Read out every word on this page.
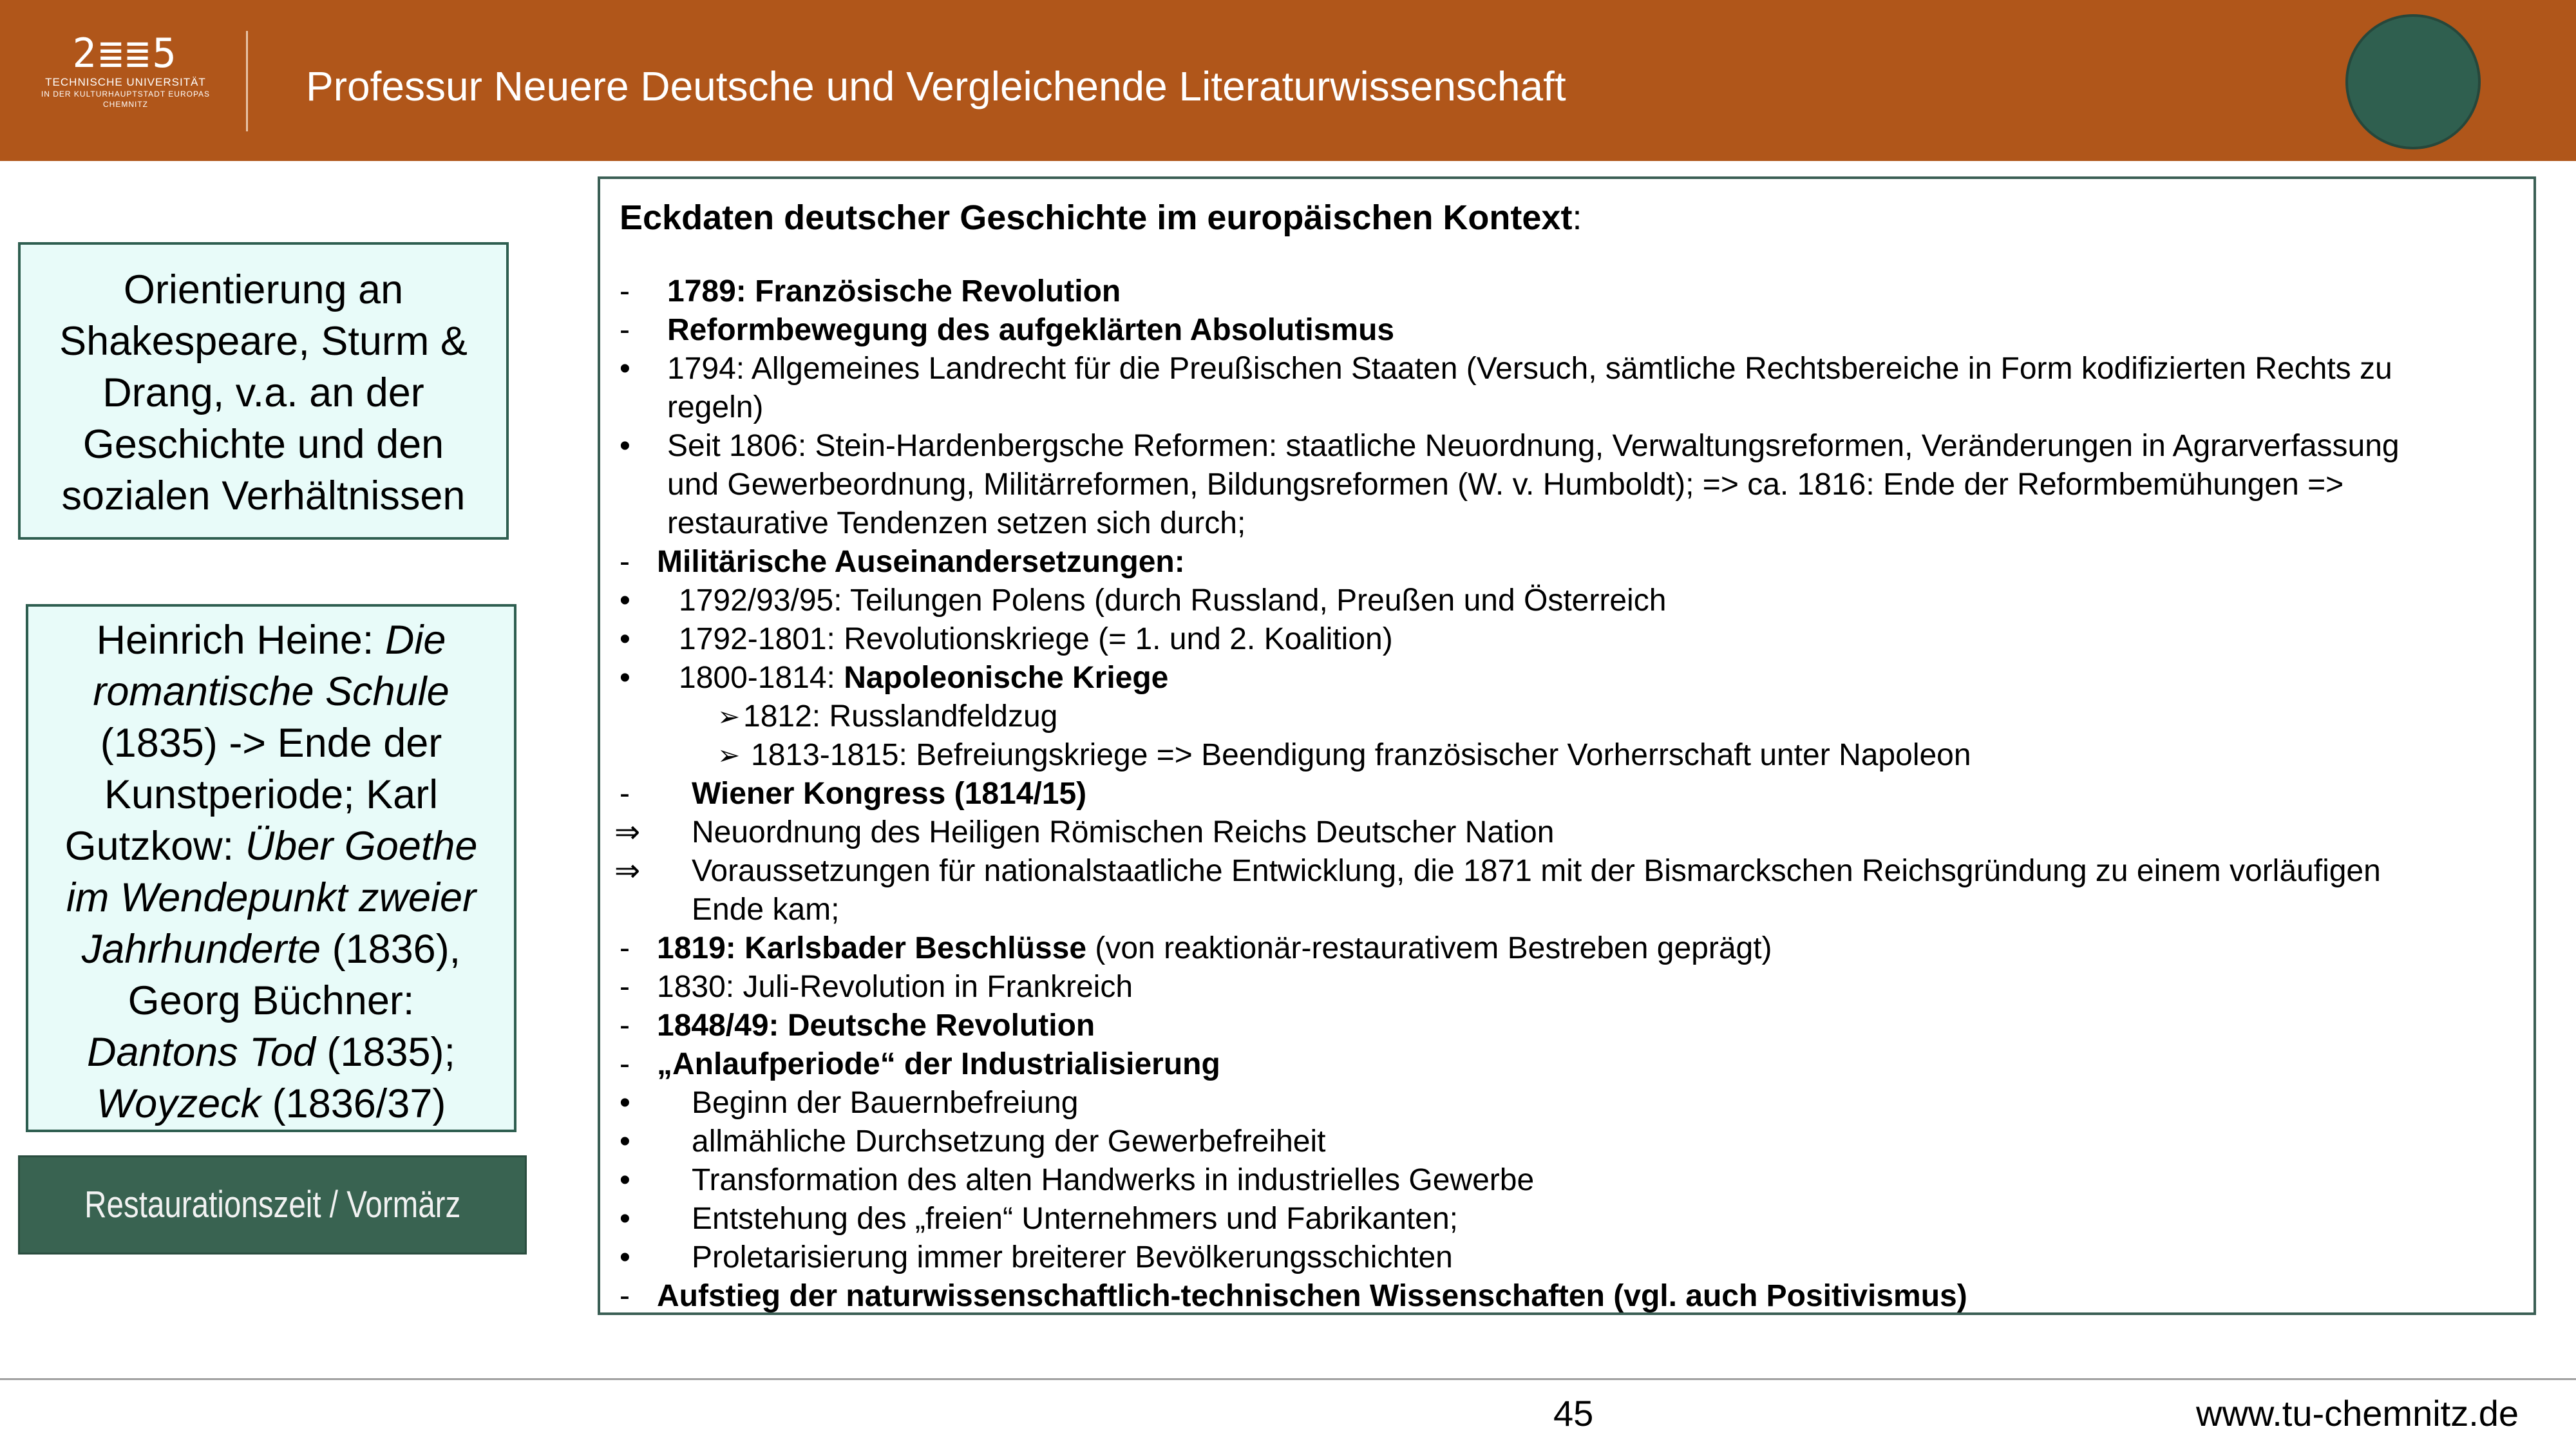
2≣≣5
TECHNISCHE UNIVERSITÄT
IN DER KULTURHAUPTSTADT EUROPAS
CHEMNITZ	Professur Neuere Deutsche und Vergleichende Literaturwissenschaft
Orientierung an
Shakespeare, Sturm &
Drang, v.a. an der
Geschichte und den
sozialen Verhältnissen
Heinrich Heine: Die
romantische Schule
(1835) -> Ende der
Kunstperiode; Karl
Gutzkow: Über Goethe
im Wendepunkt zweier
Jahrhunderte (1836),
Georg Büchner:
Dantons Tod (1835);
Woyzeck (1836/37)
Restaurationszeit / Vormärz
Eckdaten deutscher Geschichte im europäischen Kontext:
- 1789: Französische Revolution
- Reformbewegung des aufgeklärten Absolutismus
• 1794: Allgemeines Landrecht für die Preußischen Staaten (Versuch, sämtliche Rechtsbereiche in Form kodifizierten Rechts zu
regeln)
• Seit 1806: Stein-Hardenbergsche Reformen: staatliche Neuordnung, Verwaltungsreformen, Veränderungen in Agrarverfassung
und Gewerbeordnung, Militärreformen, Bildungsreformen (W. v. Humboldt); => ca. 1816: Ende der Reformbemühungen =>
restaurative Tendenzen setzen sich durch;
- Militärische Auseinandersetzungen:
• 1792/93/95: Teilungen Polens (durch Russland, Preußen und Österreich
• 1792-1801: Revolutionskriege (= 1. und 2. Koalition)
• 1800-1814: Napoleonische Kriege
➢ 1812: Russlandfeldzug
➢ 1813-1815: Befreiungskriege => Beendigung französischer Vorherrschaft unter Napoleon
- Wiener Kongress (1814/15)
⇒ Neuordnung des Heiligen Römischen Reichs Deutscher Nation
⇒ Voraussetzungen für nationalstaatliche Entwicklung, die 1871 mit der Bismarckschen Reichsgründung zu einem vorläufigen
Ende kam;
- 1819: Karlsbader Beschlüsse (von reaktionär-restaurativem Bestreben geprägt)
- 1830: Juli-Revolution in Frankreich
- 1848/49: Deutsche Revolution
- „Anlaufperiode“ der Industrialisierung
• Beginn der Bauernbefreiung
• allmähliche Durchsetzung der Gewerbefreiheit
• Transformation des alten Handwerks in industrielles Gewerbe
• Entstehung des „freien“ Unternehmers und Fabrikanten;
• Proletarisierung immer breiterer Bevölkerungsschichten
- Aufstieg der naturwissenschaftlich-technischen Wissenschaften (vgl. auch Positivismus)
45	www.tu-chemnitz.de
